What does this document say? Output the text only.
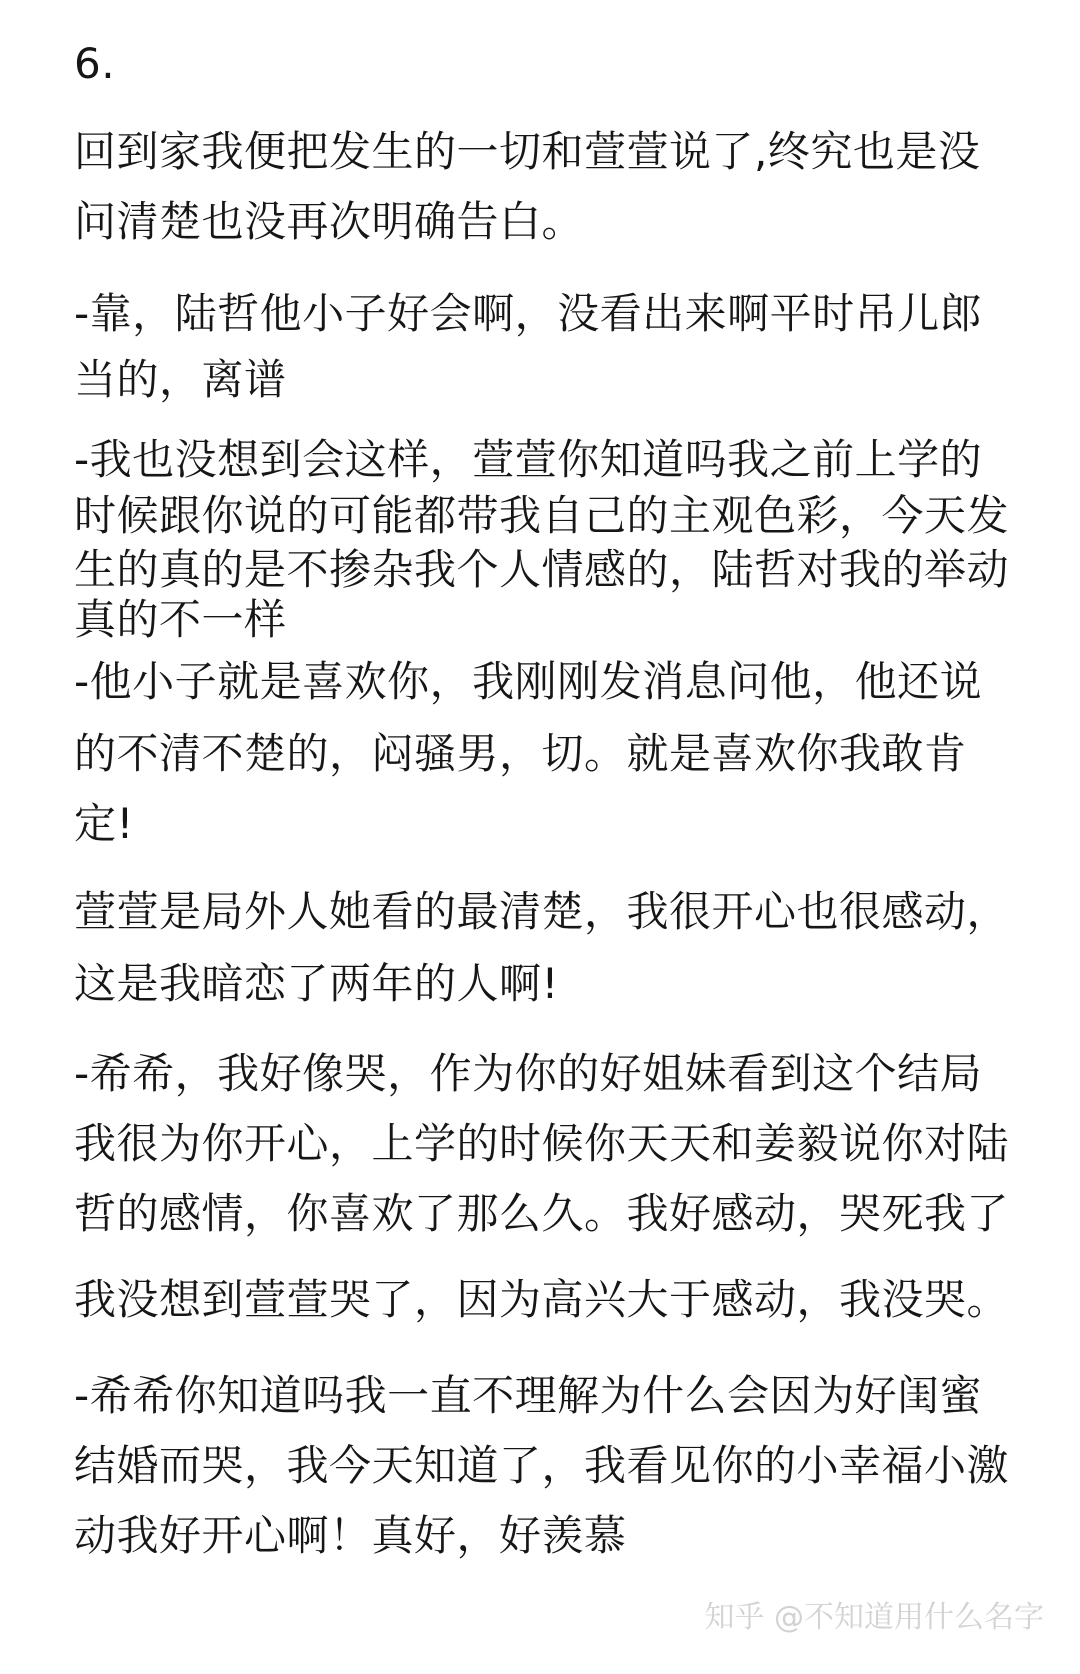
6.
回到家我便把发生的一切和萱萱说了,终究也是没
问清楚也没再次明确告白。
-靠，陆哲他小子好会啊，没看出来啊平时吊儿郎
当的，离谱
-我也没想到会这样，萱萱你知道吗我之前上学的
时候跟你说的可能都带我自己的主观色彩，今天发
生的真的是不掺杂我个人情感的，陆哲对我的举动
真的不一样
-他小子就是喜欢你，我刚刚发消息问他，他还说
的不清不楚的，闷骚男，切。就是喜欢你我敢肯
定!
萱萱是局外人她看的最清楚，我很开心也很感动，
这是我暗恋了两年的人啊!
-希希，我好像哭，作为你的好姐妹看到这个结局
我很为你开心，上学的时候你天天和姜毅说你对陆
哲的感情，你喜欢了那么久。我好感动，哭死我了
我没想到萱萱哭了，因为高兴大于感动，我没哭。
-希希你知道吗我一直不理解为什么会因为好闺蜜
结婚而哭，我今天知道了，我看见你的小幸福小激
动我好开心啊！真好，好羡慕
知乎 @不知道用什么名字
